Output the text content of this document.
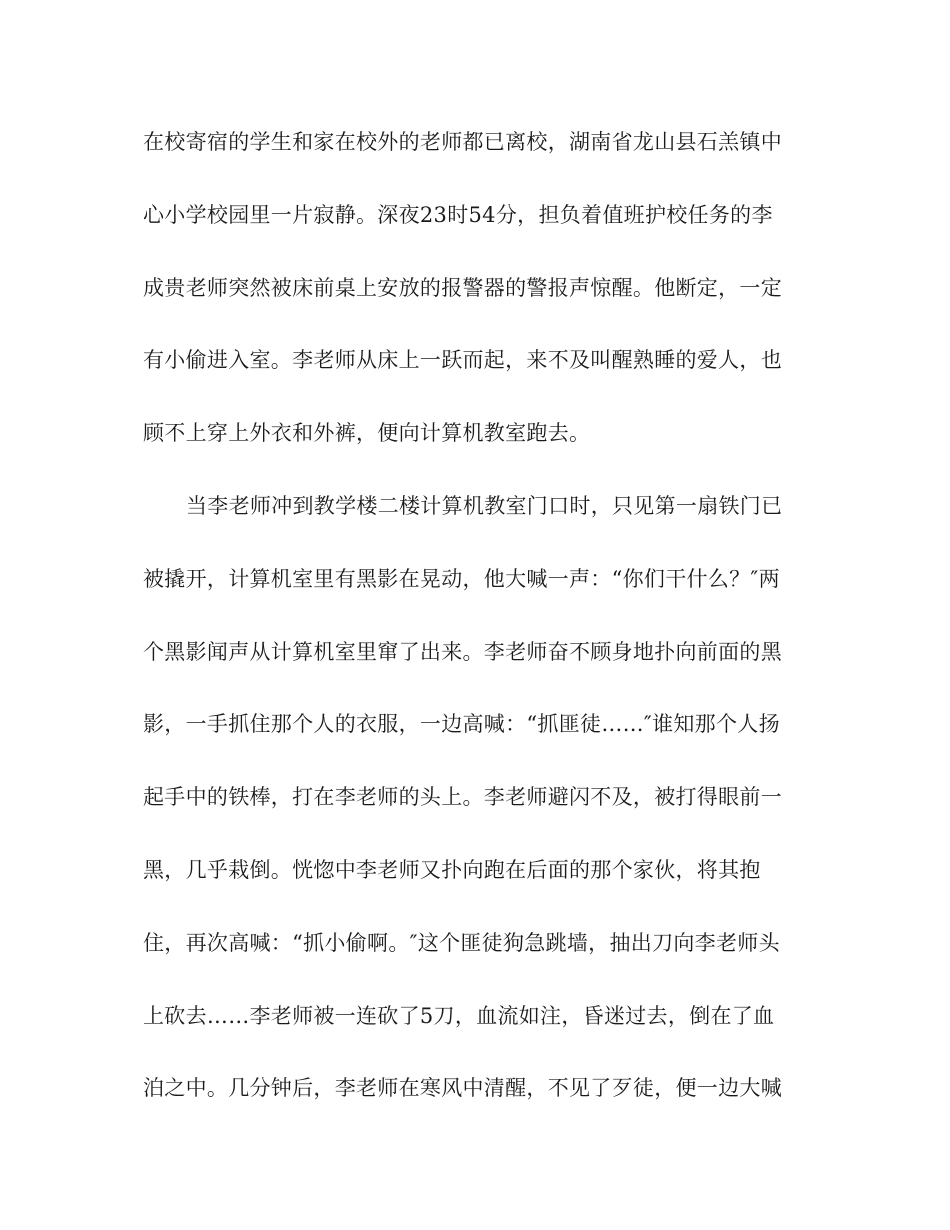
在校寄宿的学生和家在校外的老师都已离校，湖南省龙山县石羔镇中
心小学校园里一片寂静。深夜23时54分，担负着值班护校任务的李
成贵老师突然被床前桌上安放的报警器的警报声惊醒。他断定，一定
有小偷进入室。李老师从床上一跃而起，来不及叫醒熟睡的爱人，也
顾不上穿上外衣和外裤，便向计算机教室跑去。
当李老师冲到教学楼二楼计算机教室门口时，只见第一扇铁门已
被撬开，计算机室里有黑影在晃动，他大喊一声：“你们干什么？″两
个黑影闻声从计算机室里窜了出来。李老师奋不顾身地扑向前面的黑
影，一手抓住那个人的衣服，一边高喊：“抓匪徒……″谁知那个人扬
起手中的铁棒，打在李老师的头上。李老师避闪不及，被打得眼前一
黑，几乎栽倒。恍惚中李老师又扑向跑在后面的那个家伙，将其抱
住，再次高喊：“抓小偷啊。″这个匪徒狗急跳墙，抽出刀向李老师头
上砍去……李老师被一连砍了5刀，血流如注，昏迷过去，倒在了血
泊之中。几分钟后，李老师在寒风中清醒，不见了歹徒，便一边大喊
